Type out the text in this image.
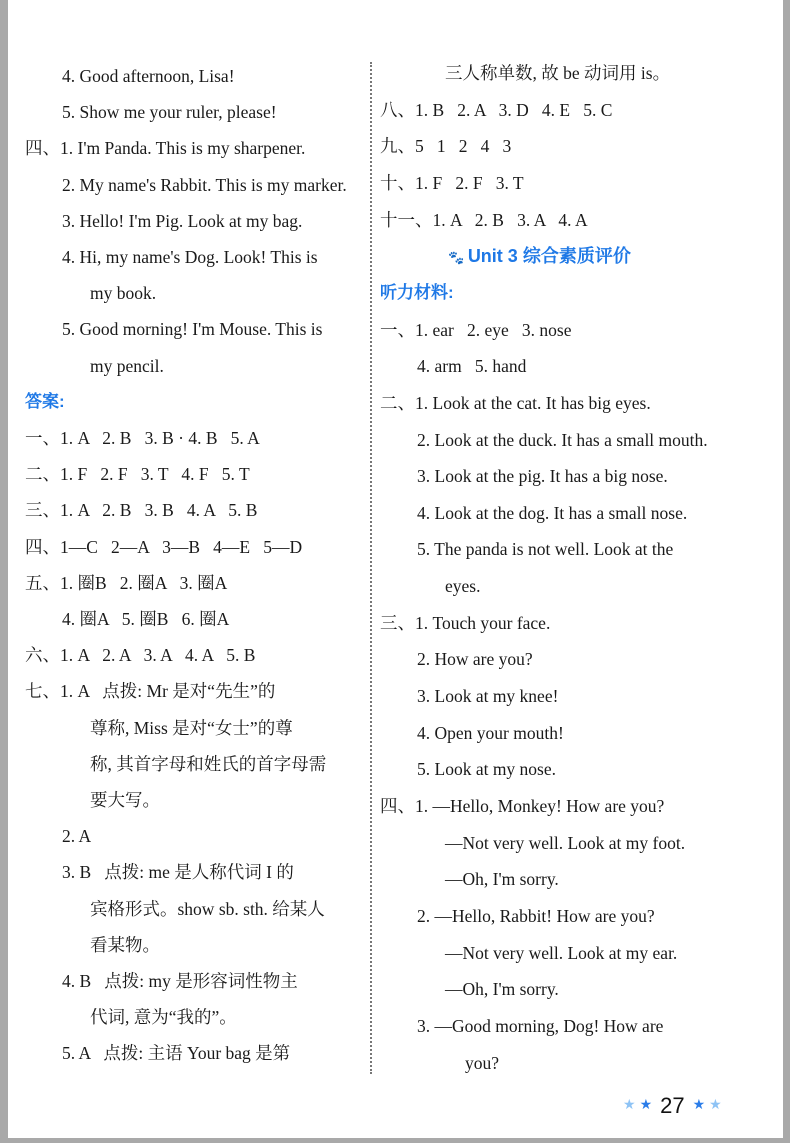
4. Good afternoon, Lisa!
5. Show me your ruler, please!
四、1. I'm Panda. This is my sharpener.
2. My name's Rabbit. This is my marker.
3. Hello! I'm Pig. Look at my bag.
4. Hi, my name's Dog. Look! This is
my book.
5. Good morning! I'm Mouse. This is
my pencil.
答案:
一、1. A   2. B   3. B · 4. B   5. A
二、1. F   2. F   3. T   4. F   5. T
三、1. A   2. B   3. B   4. A   5. B
四、1—C   2—A   3—B   4—E   5—D
五、1. 圈B   2. 圈A   3. 圈A
4. 圈A   5. 圈B   6. 圈A
六、1. A   2. A   3. A   4. A   5. B
七、1. A   点拨: Mr 是对“先生”的
尊称, Miss 是对“女士”的尊
称, 其首字母和姓氏的首字母需
要大写。
2. A
3. B   点拨: me 是人称代词 I 的
宾格形式。show sb. sth. 给某人
看某物。
4. B   点拨: my 是形容词性物主
代词, 意为“我的”。
5. A   点拨: 主语 Your bag 是第
三人称单数, 故 be 动词用 is。
八、1. B   2. A   3. D   4. E   5. C
九、5   1   2   4   3
十、1. F   2. F   3. T
十一、1. A   2. B   3. A   4. A
🐾 Unit 3 综合素质评价
听力材料:
一、1. ear   2. eye   3. nose
4. arm   5. hand
二、1. Look at the cat. It has big eyes.
2. Look at the duck. It has a small mouth.
3. Look at the pig. It has a big nose.
4. Look at the dog. It has a small nose.
5. The panda is not well. Look at the
eyes.
三、1. Touch your face.
2. How are you?
3. Look at my knee!
4. Open your mouth!
5. Look at my nose.
四、1. —Hello, Monkey! How are you?
—Not very well. Look at my foot.
—Oh, I'm sorry.
2. —Hello, Rabbit! How are you?
—Not very well. Look at my ear.
—Oh, I'm sorry.
3. —Good morning, Dog! How are
you?
★ ★ 27 ★ ★
